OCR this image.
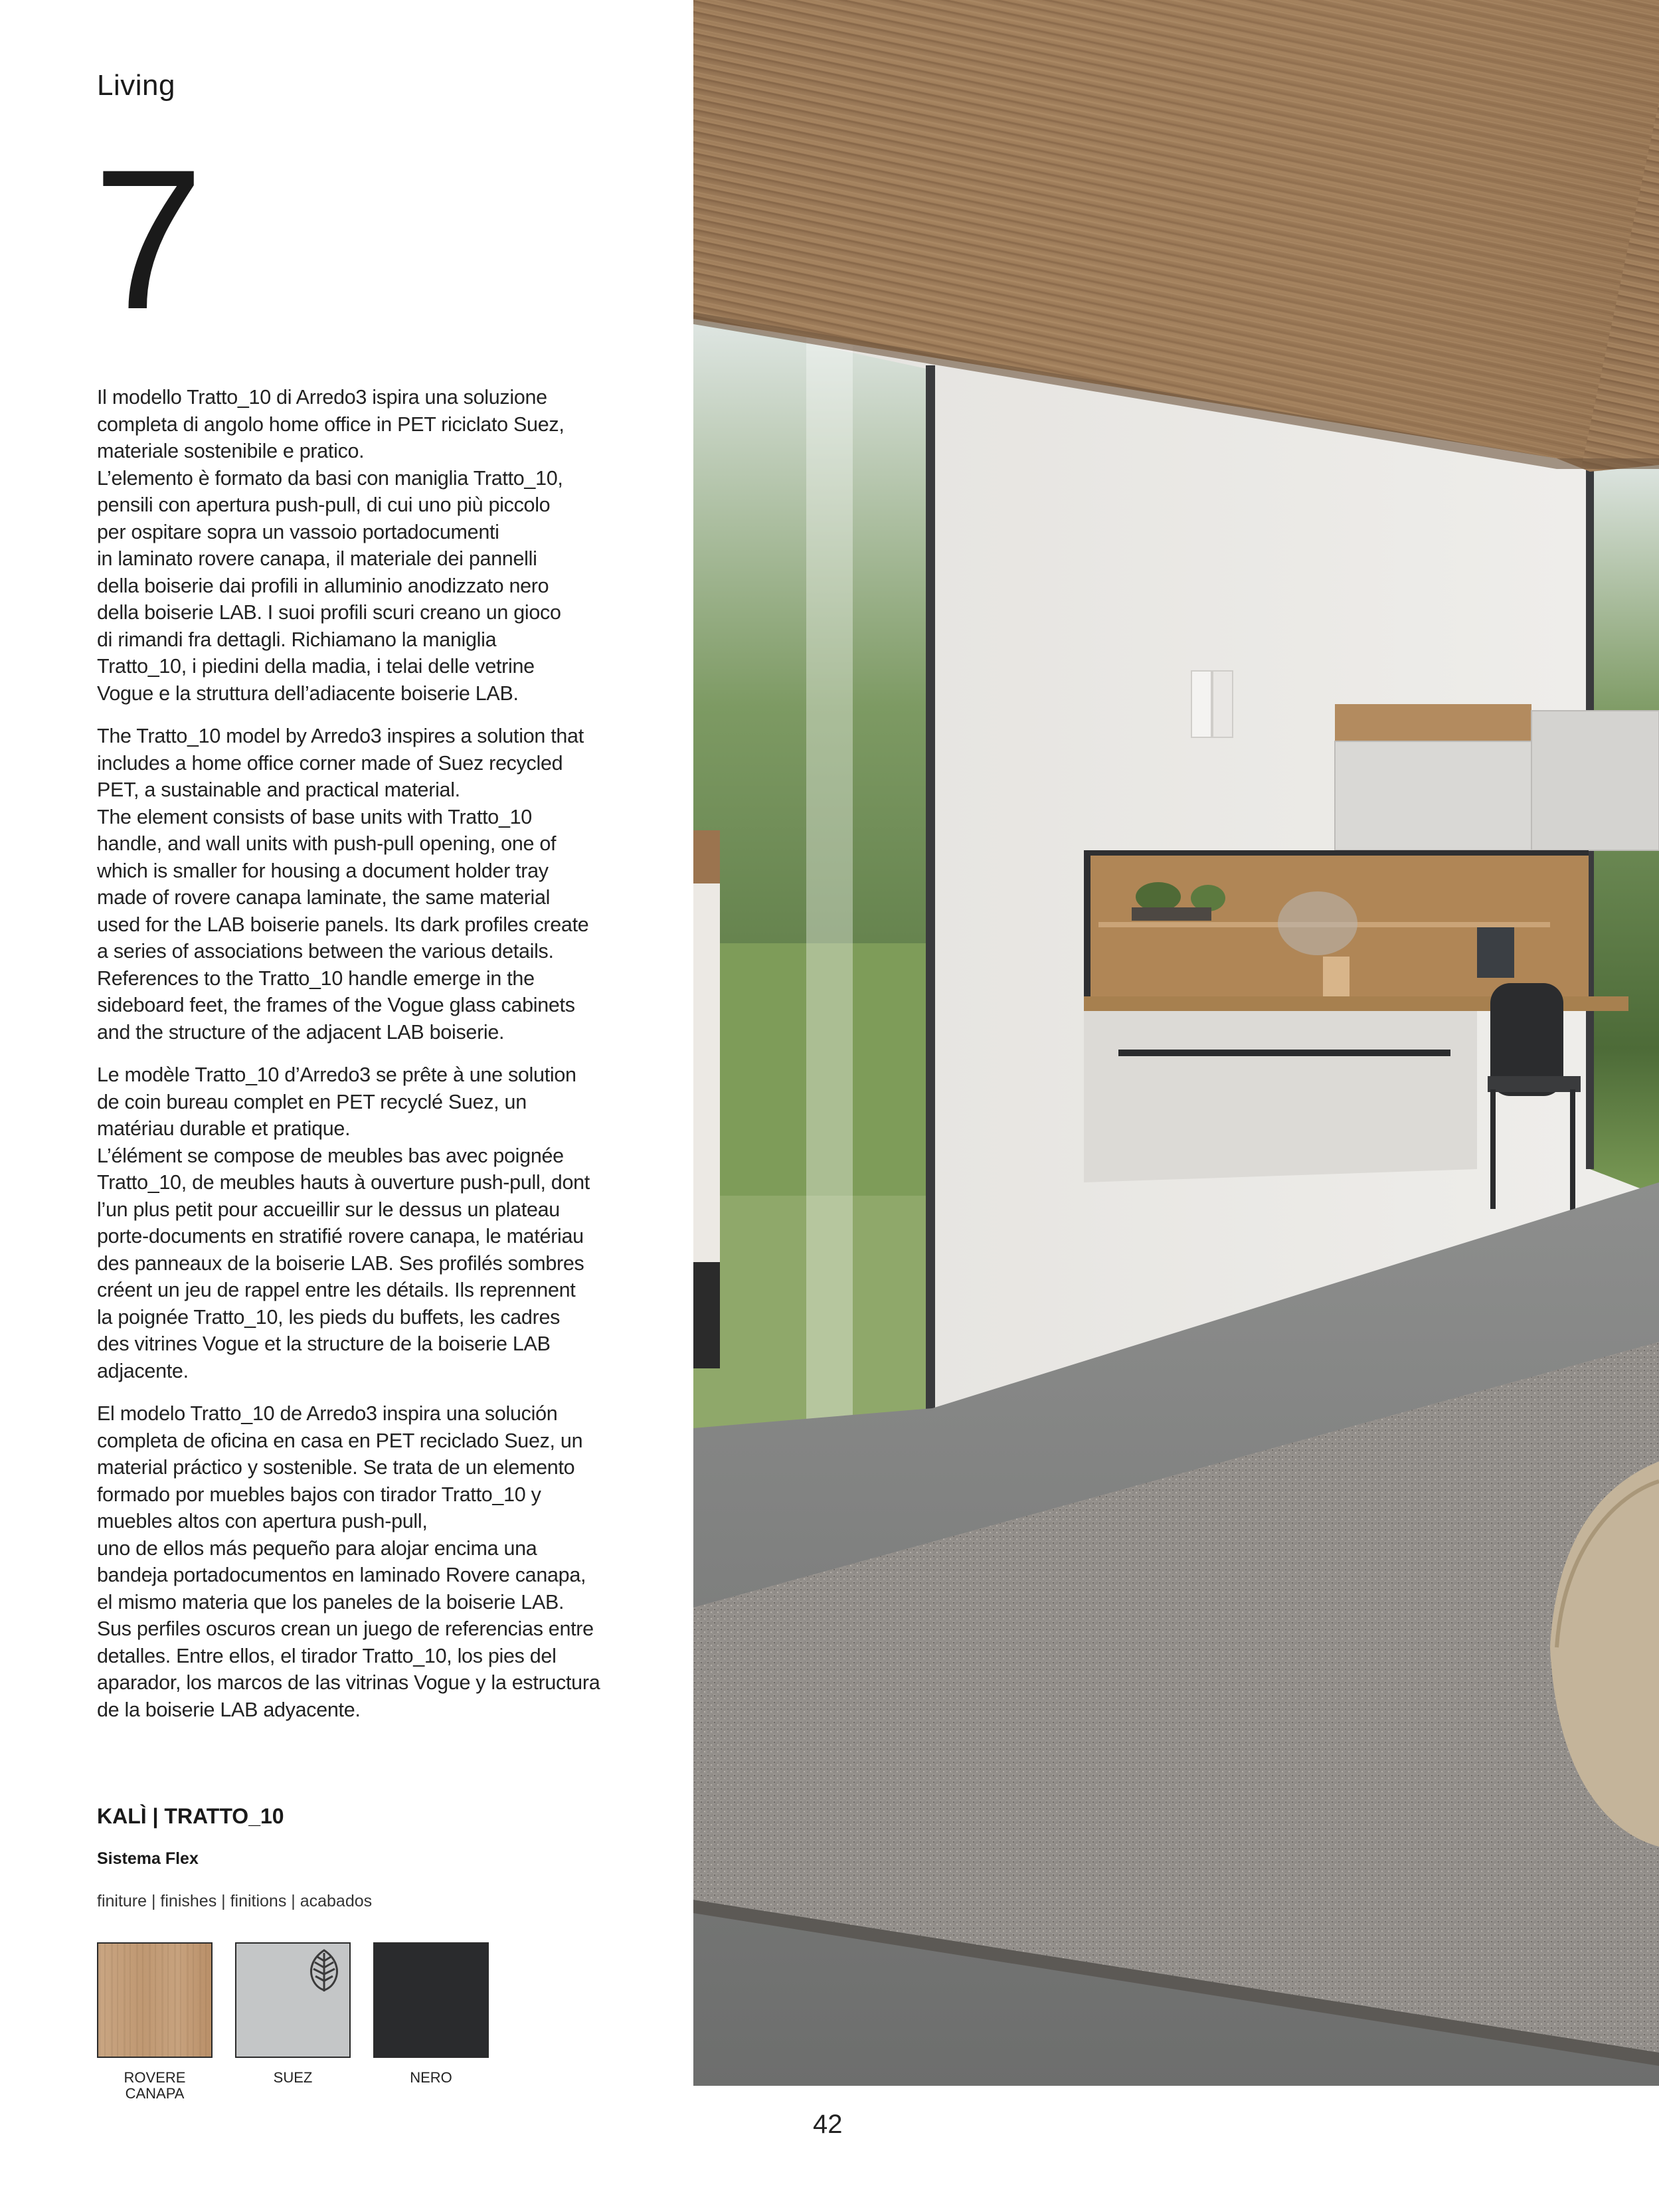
Living
7

Il modello Tratto_10 di Arredo3 ispira una soluzione
completa di angolo home office in PET riciclato Suez,
materiale sostenibile e pratico.
L’elemento è formato da basi con maniglia Tratto_10,
pensili con apertura push-pull, di cui uno più piccolo
per ospitare sopra un vassoio portadocumenti
in laminato rovere canapa, il materiale dei pannelli
della boiserie dai profili in alluminio anodizzato nero
della boiserie LAB. I suoi profili scuri creano un gioco
di rimandi fra dettagli. Richiamano la maniglia
Tratto_10, i piedini della madia, i telai delle vetrine
Vogue e la struttura dell’adiacente boiserie LAB.

The Tratto_10 model by Arredo3 inspires a solution that
includes a home office corner made of Suez recycled
PET, a sustainable and practical material.
The element consists of base units with Tratto_10
handle, and wall units with push-pull opening, one of
which is smaller for housing a document holder tray
made of rovere canapa laminate, the same material
used for the LAB boiserie panels. Its dark profiles create
a series of associations between the various details.
References to the Tratto_10 handle emerge in the
sideboard feet, the frames of the Vogue glass cabinets
and the structure of the adjacent LAB boiserie.

Le modèle Tratto_10 d’Arredo3 se prête à une solution
de coin bureau complet en PET recyclé Suez, un
matériau durable et pratique.
L’élément se compose de meubles bas avec poignée
Tratto_10, de meubles hauts à ouverture push-pull, dont
l’un plus petit pour accueillir sur le dessus un plateau
porte-documents en stratifié rovere canapa, le matériau
des panneaux de la boiserie LAB. Ses profilés sombres
créent un jeu de rappel entre les détails. Ils reprennent
la poignée Tratto_10, les pieds du buffets, les cadres
des vitrines Vogue et la structure de la boiserie LAB
adjacente.

El modelo Tratto_10 de Arredo3 inspira una solución
completa de oficina en casa en PET reciclado Suez, un
material práctico y sostenible. Se trata de un elemento
formado por muebles bajos con tirador Tratto_10 y
muebles altos con apertura push-pull,
uno de ellos más pequeño para alojar encima una
bandeja portadocumentos en laminado Rovere canapa,
el mismo materia que los paneles de la boiserie LAB.
Sus perfiles oscuros crean un juego de referencias entre
detalles. Entre ellos, el tirador Tratto_10, los pies del
aparador, los marcos de las vitrinas Vogue y la estructura
de la boiserie LAB adyacente.

KALÌ | TRATTO_10
Sistema Flex
finiture | finishes | finitions | acabados
ROVERE
CANAPA
SUEZ	NERO
42
